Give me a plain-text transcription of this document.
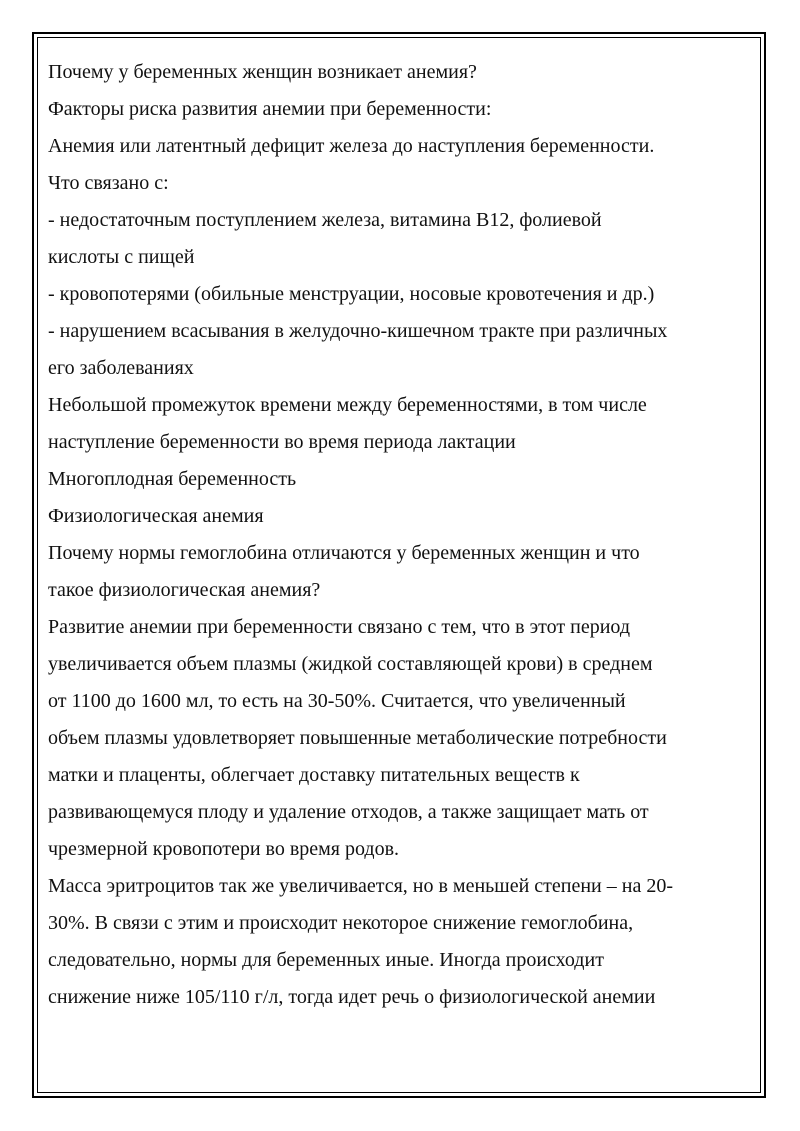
Почему у беременных женщин возникает анемия?
Факторы риска развития анемии при беременности:
Анемия или латентный дефицит железа до наступления беременности.
Что связано с:
- недостаточным поступлением железа, витамина В12, фолиевой
кислоты с пищей
- кровопотерями (обильные менструации, носовые кровотечения и др.)
- нарушением всасывания в желудочно-кишечном тракте при различных
его заболеваниях
Небольшой промежуток времени между беременностями, в том числе
наступление беременности во время периода лактации
Многоплодная беременность
Физиологическая анемия
Почему нормы гемоглобина отличаются у беременных женщин и что
такое физиологическая анемия?
Развитие анемии при беременности связано с тем, что в этот период
увеличивается объем плазмы (жидкой составляющей крови) в среднем
от 1100 до 1600 мл, то есть на 30-50%. Считается, что увеличенный
объем плазмы удовлетворяет повышенные метаболические потребности
матки и плаценты, облегчает доставку питательных веществ к
развивающемуся плоду и удаление отходов, а также защищает мать от
чрезмерной кровопотери во время родов.
Масса эритроцитов так же увеличивается, но в меньшей степени – на 20-
30%. В связи с этим и происходит некоторое снижение гемоглобина,
следовательно, нормы для беременных иные. Иногда происходит
снижение ниже 105/110 г/л, тогда идет речь о физиологической анемии
